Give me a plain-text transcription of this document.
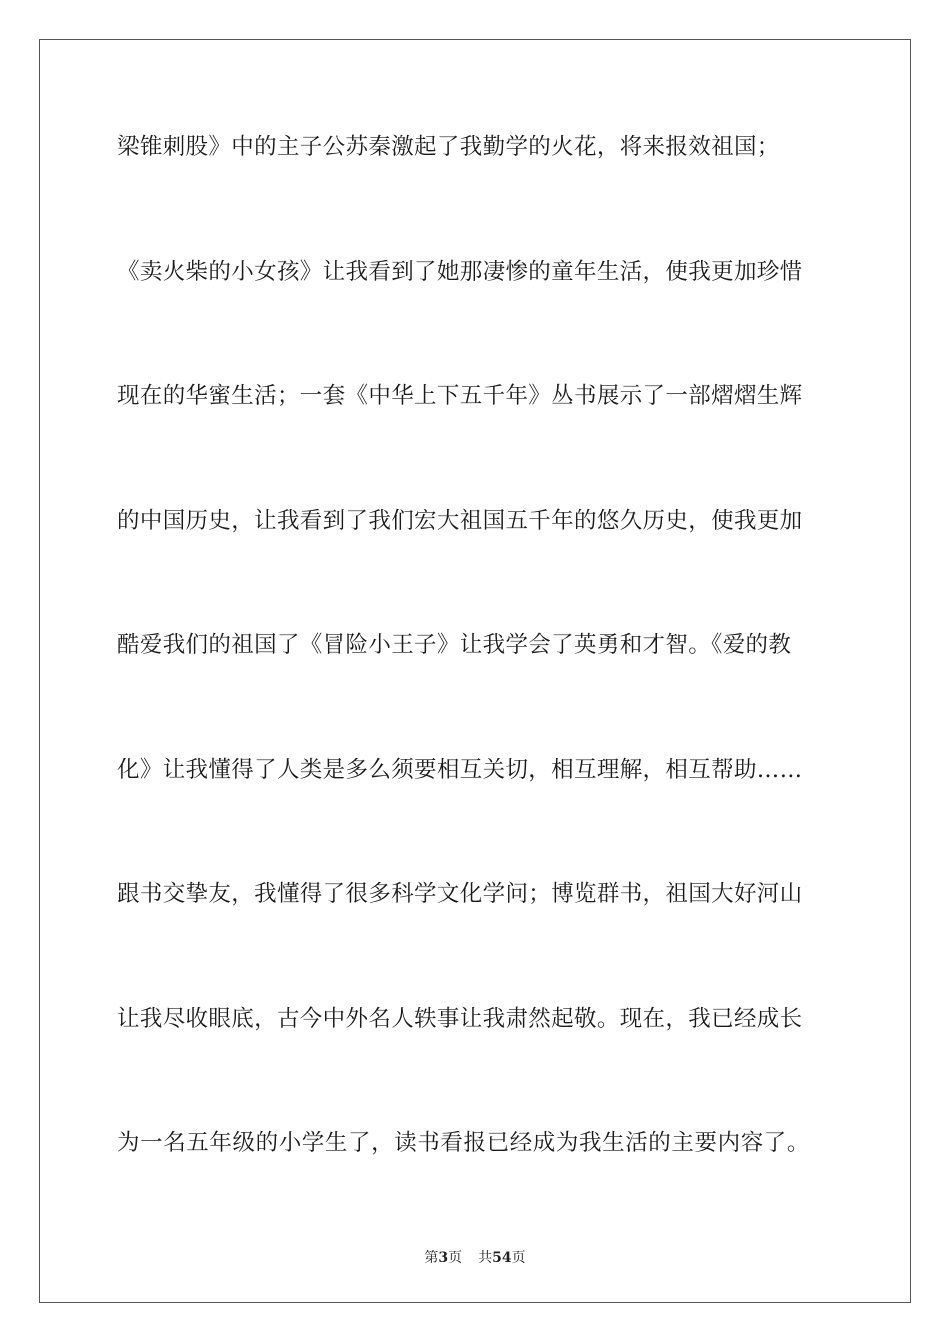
梁锥刺股》中的主子公苏秦激起了我勤学的火花，将来报效祖国；
《卖火柴的小女孩》让我看到了她那凄惨的童年生活，使我更加珍惜
现在的华蜜生活；一套《中华上下五千年》丛书展示了一部熠熠生辉
的中国历史，让我看到了我们宏大祖国五千年的悠久历史，使我更加
酷爱我们的祖国了《冒险小王子》让我学会了英勇和才智。《爱的教
化》让我懂得了人类是多么须要相互关切，相互理解，相互帮助……
跟书交挚友，我懂得了很多科学文化学问；博览群书，祖国大好河山
让我尽收眼底，古今中外名人轶事让我肃然起敬。现在，我已经成长
为一名五年级的小学生了，读书看报已经成为我生活的主要内容了。
第3页 共54页
